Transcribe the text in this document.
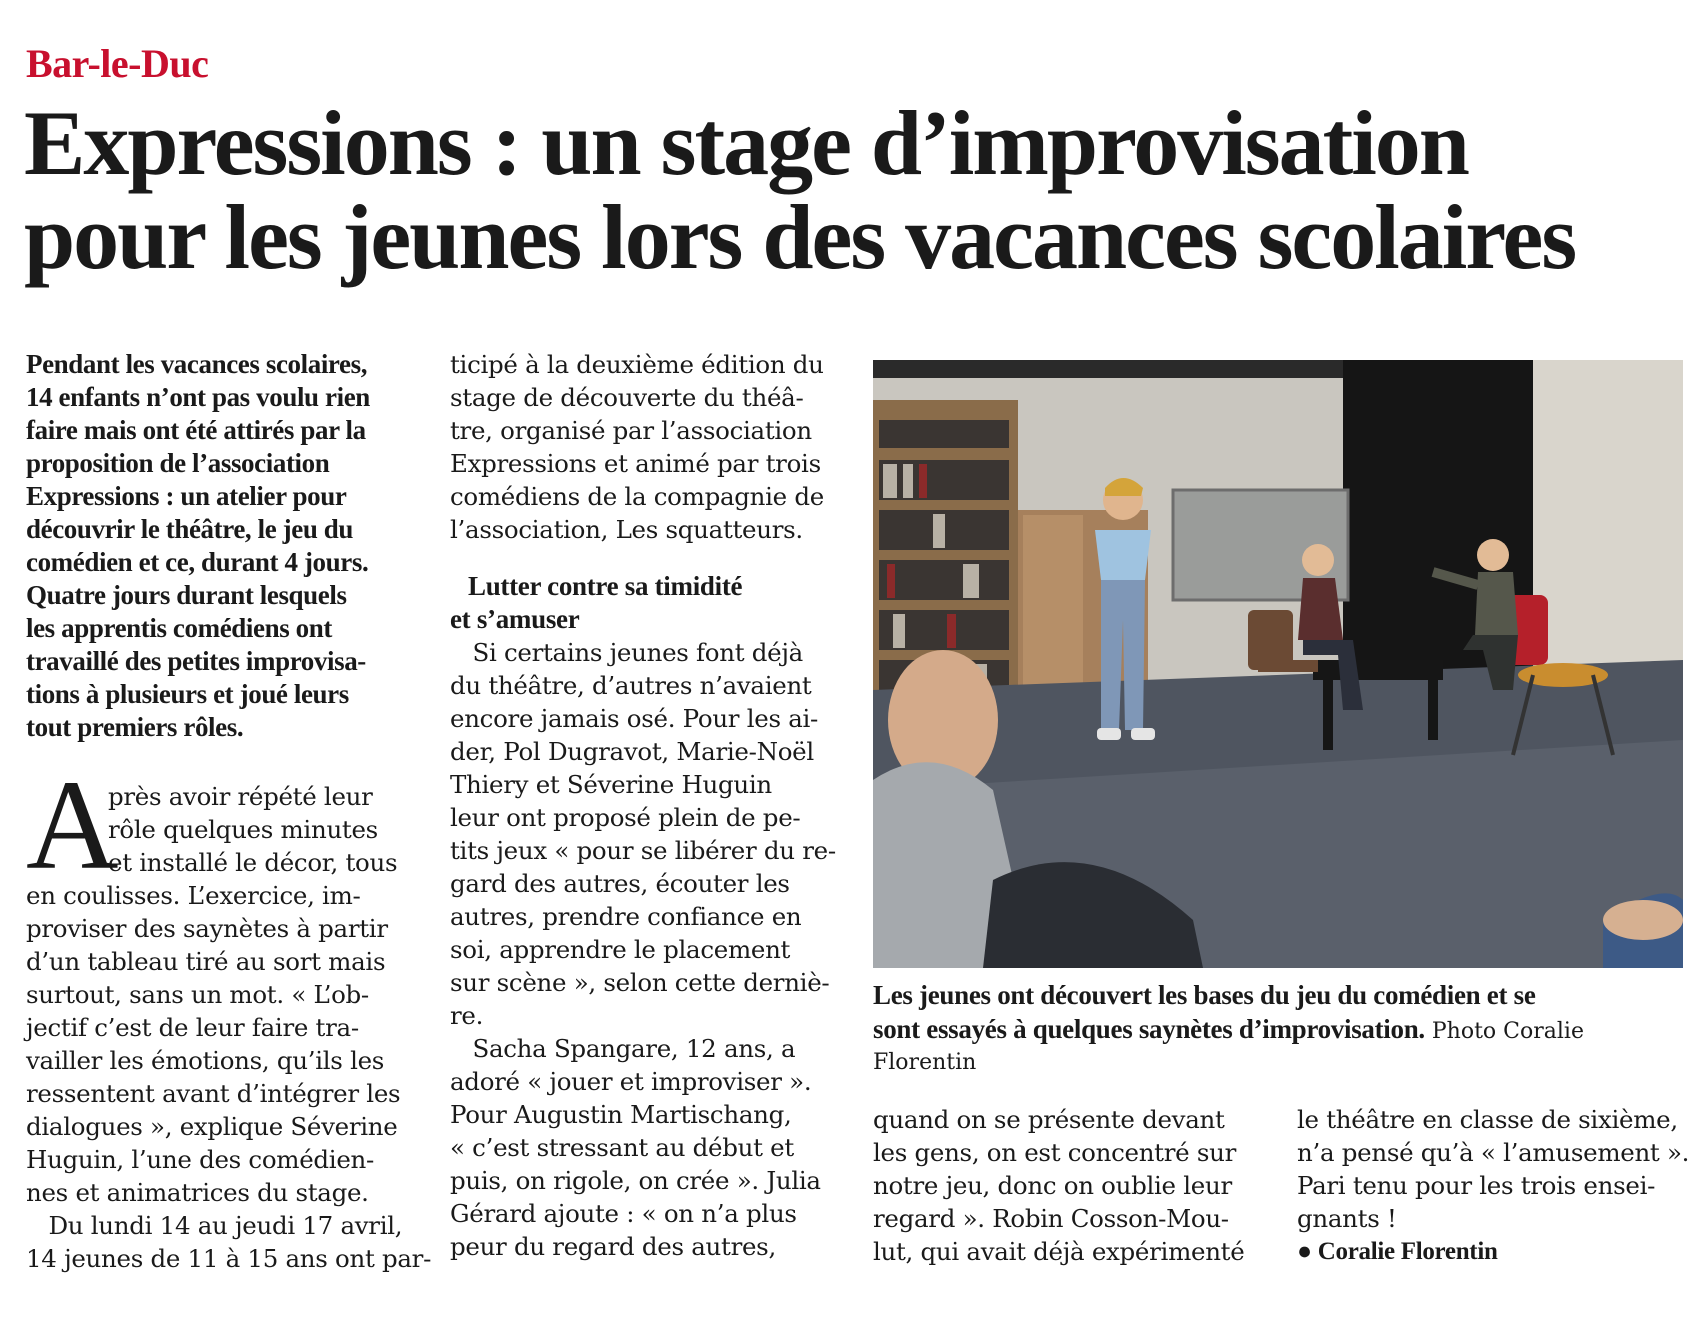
Bar-le-Duc
Expressions : un stage d’improvisation
pour les jeunes lors des vacances scolaires
Pendant les vacances scolaires,
14 enfants n’ont pas voulu rien
faire mais ont été attirés par la
proposition de l’association
Expressions : un atelier pour
découvrir le théâtre, le jeu du
comédien et ce, durant 4 jours.
Quatre jours durant lesquels
les apprentis comédiens ont
travaillé des petites improvisa-
tions à plusieurs et joué leurs
tout premiers rôles.
A
près avoir répété leur
rôle quelques minutes
et installé le décor, tous
en coulisses. L’exercice, im-
proviser des saynètes à partir
d’un tableau tiré au sort mais
surtout, sans un mot. « L’ob-
jectif c’est de leur faire tra-
vailler les émotions, qu’ils les
ressentent avant d’intégrer les
dialogues », explique Séverine
Huguin, l’une des comédien-
nes et animatrices du stage.
Du lundi 14 au jeudi 17 avril,
14 jeunes de 11 à 15 ans ont par-
ticipé à la deuxième édition du
stage de découverte du théâ-
tre, organisé par l’association
Expressions et animé par trois
comédiens de la compagnie de
l’association, Les squatteurs.
Lutter contre sa timidité
et s’amuser
Si certains jeunes font déjà
du théâtre, d’autres n’avaient
encore jamais osé. Pour les ai-
der, Pol Dugravot, Marie-Noël
Thiery et Séverine Huguin
leur ont proposé plein de pe-
tits jeux « pour se libérer du re-
gard des autres, écouter les
autres, prendre confiance en
soi, apprendre le placement
sur scène », selon cette derniè-
re.
Sacha Spangare, 12 ans, a
adoré « jouer et improviser ».
Pour Augustin Martischang,
« c’est stressant au début et
puis, on rigole, on crée ». Julia
Gérard ajoute : « on n’a plus
peur du regard des autres,
Les jeunes ont découvert les bases du jeu du comédien et se
sont essayés à quelques saynètes d’improvisation. Photo Coralie
Florentin
quand on se présente devant
les gens, on est concentré sur
notre jeu, donc on oublie leur
regard ». Robin Cosson-Mou-
lut, qui avait déjà expérimenté
le théâtre en classe de sixième,
n’a pensé qu’à « l’amusement ».
Pari tenu pour les trois ensei-
gnants !
● Coralie Florentin
